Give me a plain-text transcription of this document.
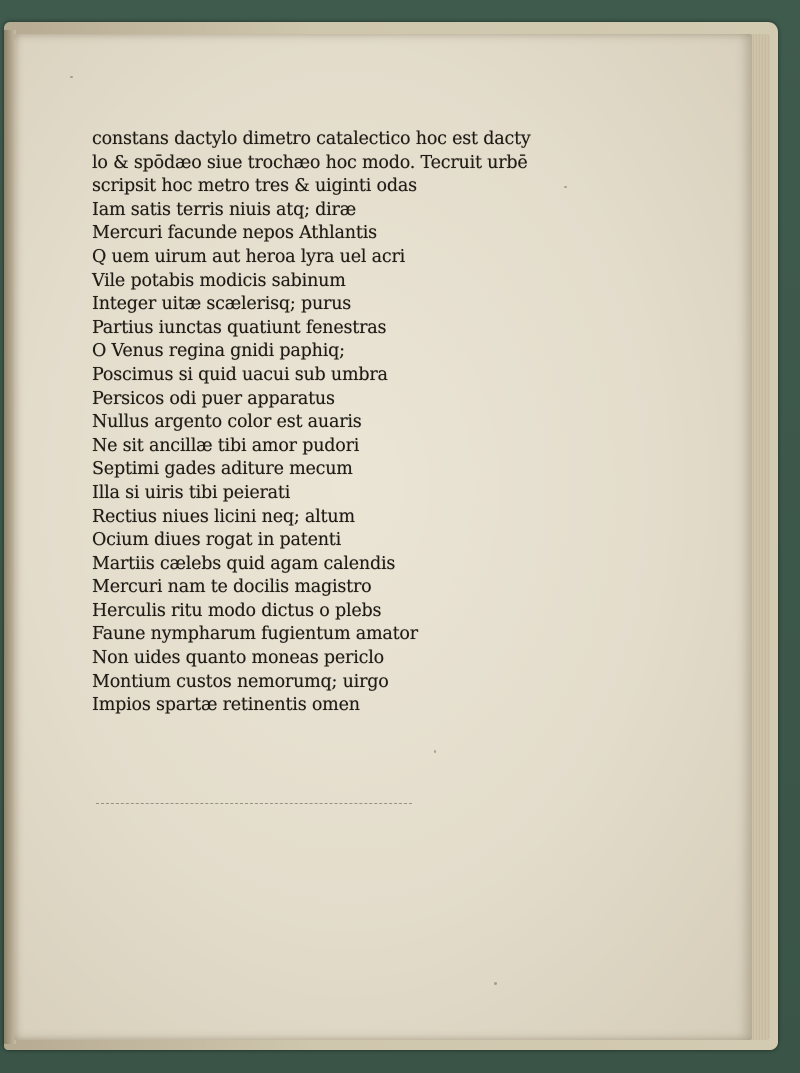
constans dactylo dimetro catalectico hoc est dacty
lo & spōdæo siue trochæo hoc modo. Tecruit urbē
scripsit hoc metro tres & uiginti odas
Iam satis terris niuis atq; diræ
Mercuri facunde nepos Athlantis
Q uem uirum aut heroa lyra uel acri
Vile potabis modicis sabinum
Integer uitæ scælerisq; purus
Partius iunctas quatiunt fenestras
O Venus regina gnidi paphiq;
Poscimus si quid uacui sub umbra
Persicos odi puer apparatus
Nullus argento color est auaris
Ne sit ancillæ tibi amor pudori
Septimi gades aditure mecum
Illa si uiris tibi peierati
Rectius niues licini neq; altum
Ocium diues rogat in patenti
Martiis cælebs quid agam calendis
Mercuri nam te docilis magistro
Herculis ritu modo dictus o plebs
Faune nympharum fugientum amator
Non uides quanto moneas periclo
Montium custos nemorumq; uirgo
Impios spartæ retinentis omen
